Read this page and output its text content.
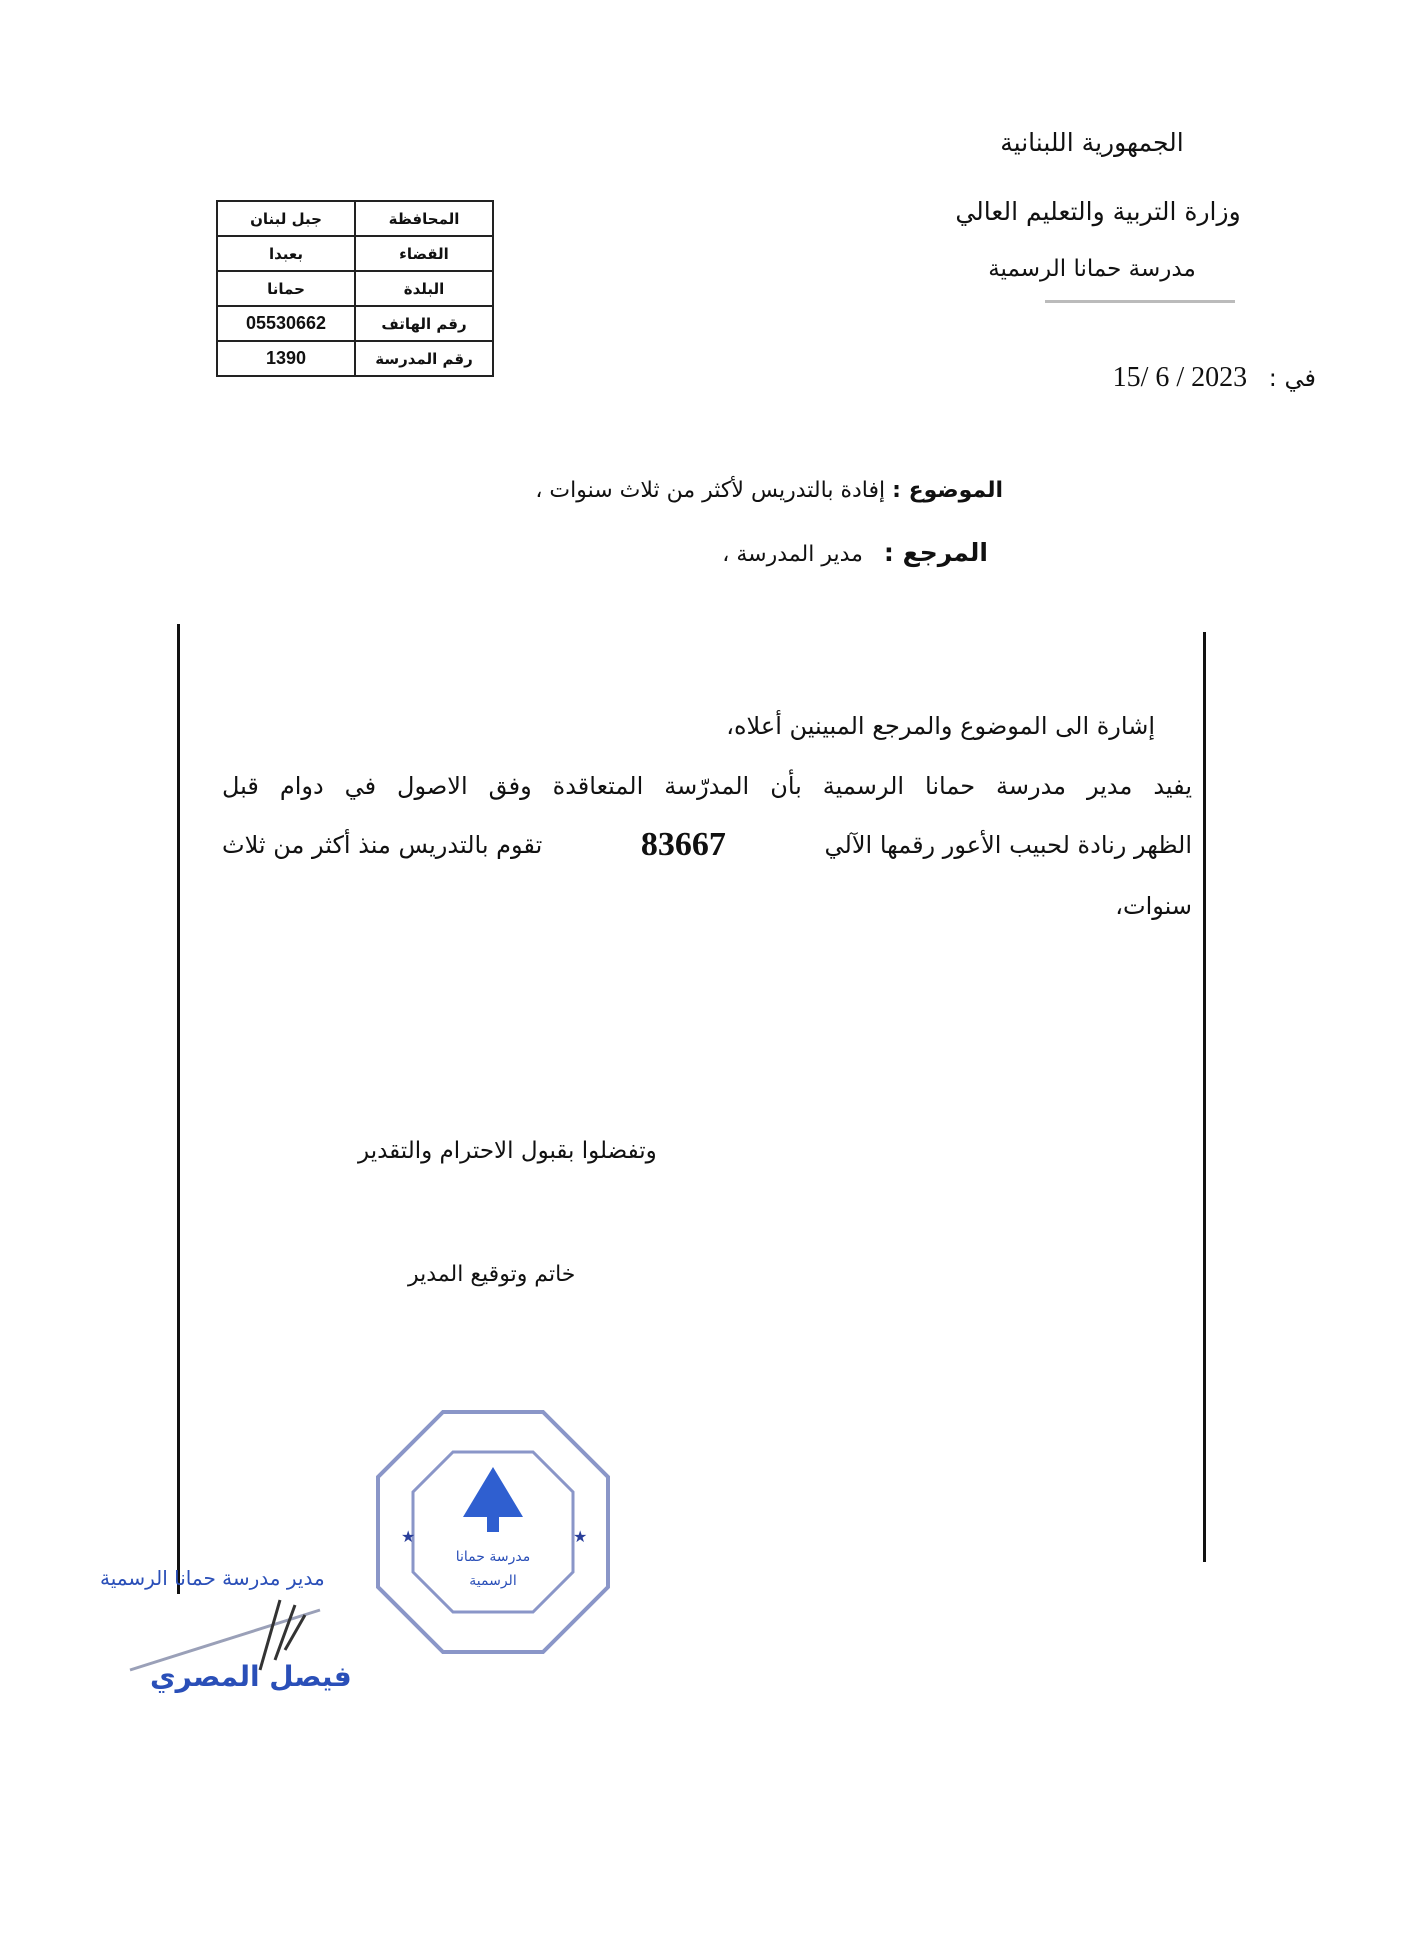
الجمهورية اللبنانية
وزارة التربية والتعليم العالي
مدرسة حمانا الرسمية
في : 2023 / 6 /15
المحافظة	جبل لبنان
القضاء	بعبدا
البلدة	حمانا
رقم الهاتف	05530662
رقم المدرسة	1390
الموضوع : إفادة بالتدريس لأكثر من ثلاث سنوات ،
المرجع : مدير المدرسة ،
إشارة الى الموضوع والمرجع المبينين أعلاه،
يفيد مدير مدرسة حمانا الرسمية بأن المدرّسة المتعاقدة وفق الاصول في دوام قبل
الظهر رنادة لحبيب الأعور رقمها الآلي
83667
تقوم بالتدريس منذ أكثر من ثلاث
سنوات،
وتفضلوا بقبول الاحترام والتقدير
خاتم وتوقيع المدير
★	★
مدرسة حمانا الرسمية
مدير مدرسة حمانا الرسمية
فيصل المصري
